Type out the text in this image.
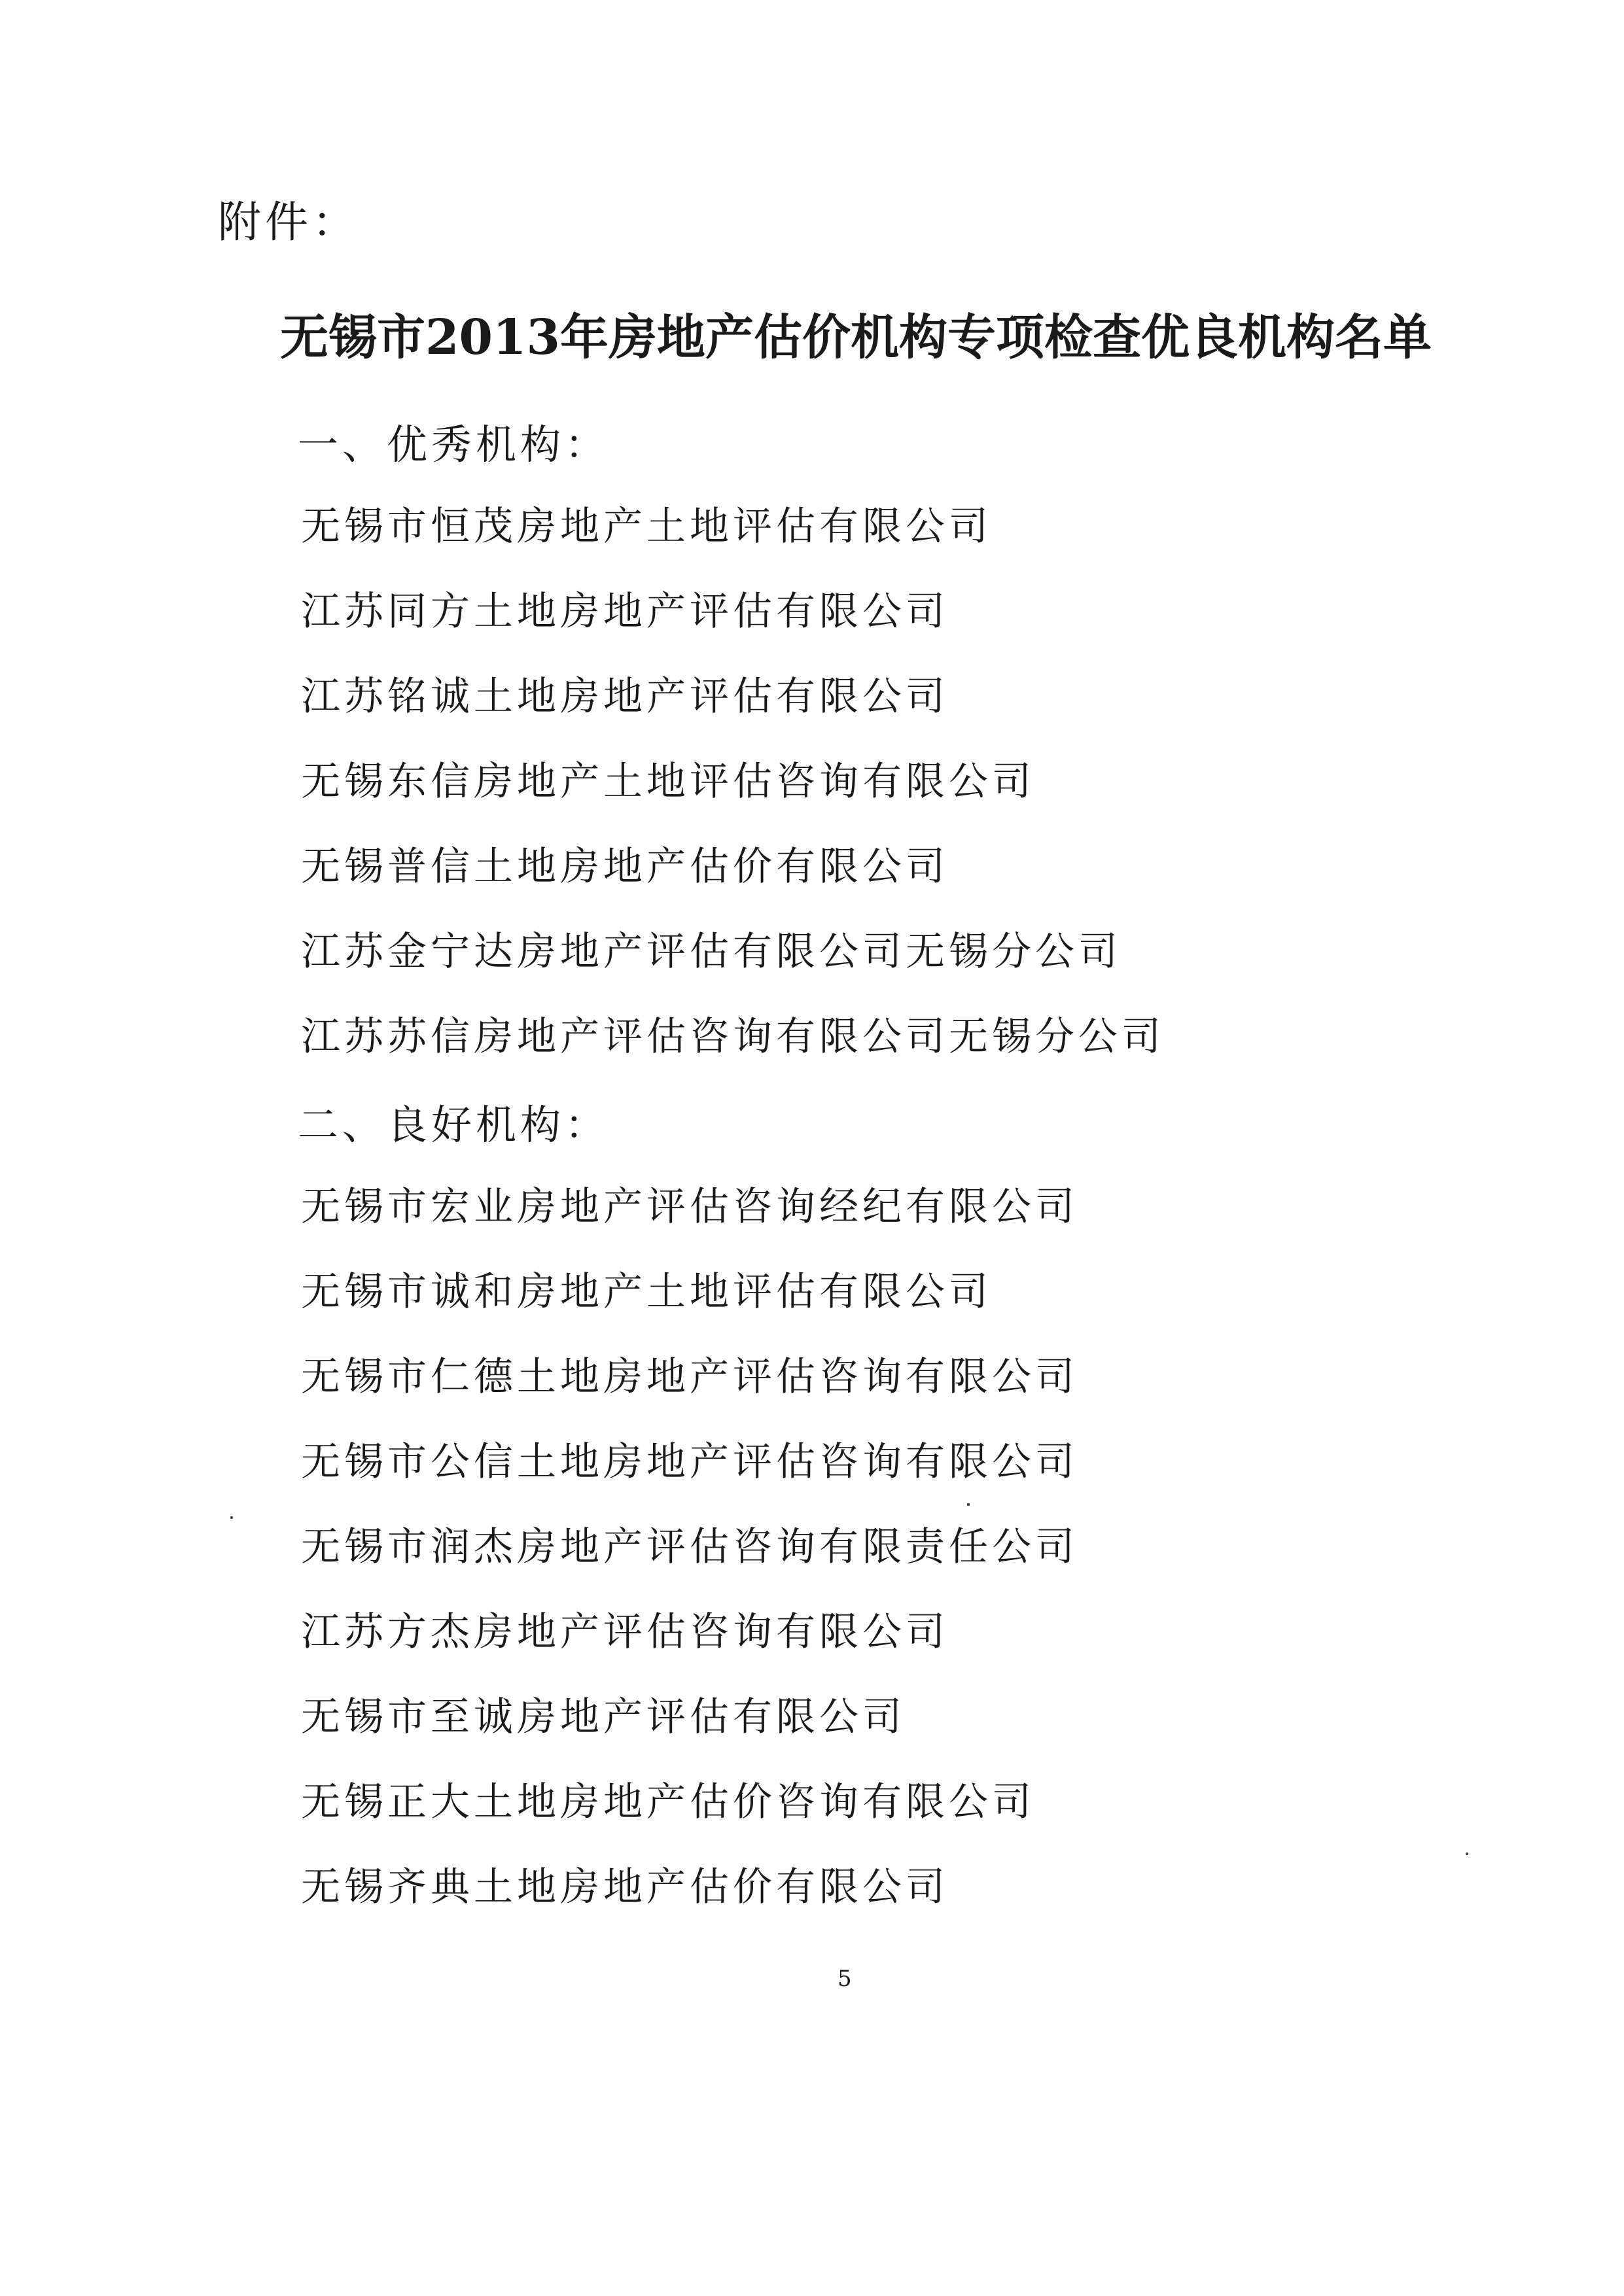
附件：
无锡市2013年房地产估价机构专项检查优良机构名单
一、优秀机构：
无锡市恒茂房地产土地评估有限公司
江苏同方土地房地产评估有限公司
江苏铭诚土地房地产评估有限公司
无锡东信房地产土地评估咨询有限公司
无锡普信土地房地产估价有限公司
江苏金宁达房地产评估有限公司无锡分公司
江苏苏信房地产评估咨询有限公司无锡分公司
二、良好机构：
无锡市宏业房地产评估咨询经纪有限公司
无锡市诚和房地产土地评估有限公司
无锡市仁德土地房地产评估咨询有限公司
无锡市公信土地房地产评估咨询有限公司
无锡市润杰房地产评估咨询有限责任公司
江苏方杰房地产评估咨询有限公司
无锡市至诚房地产评估有限公司
无锡正大土地房地产估价咨询有限公司
无锡齐典土地房地产估价有限公司
5
